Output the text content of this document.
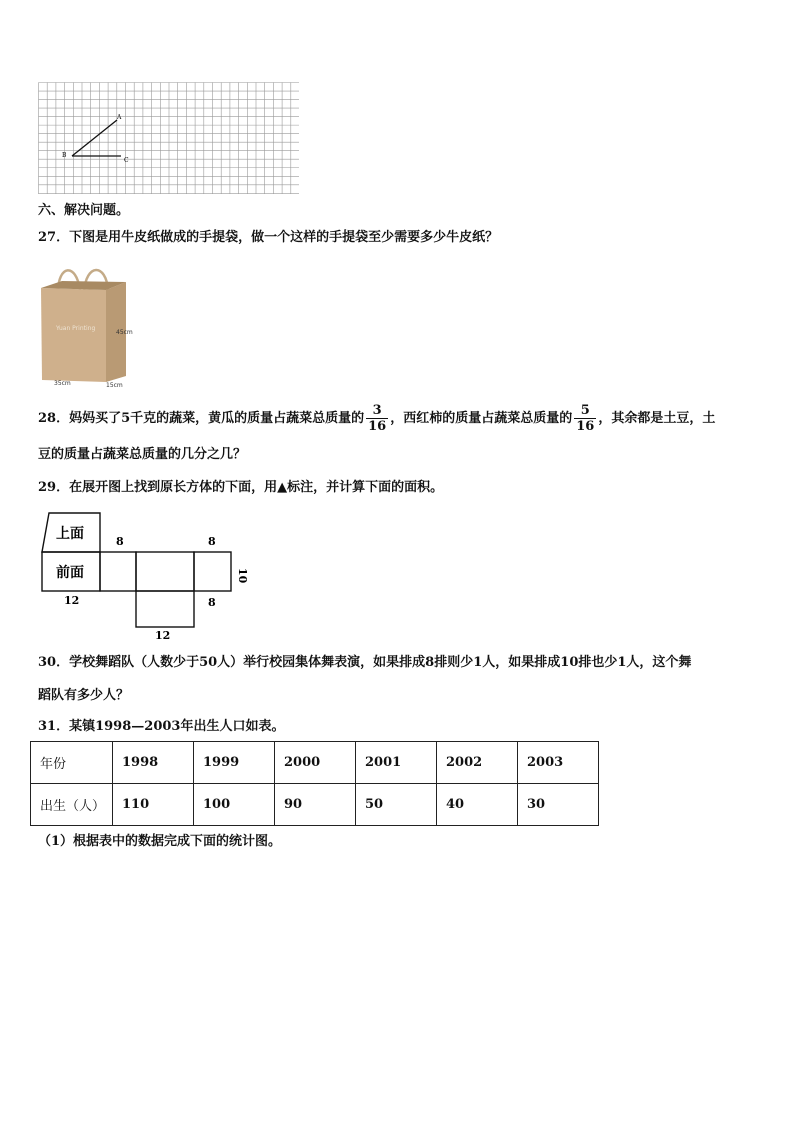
A
B
C
六、解决问题。
27．下图是用牛皮纸做成的手提袋，做一个这样的手提袋至少需要多少牛皮纸？
Yuan Printing
45cm
35cm	15cm
28．妈妈买了5千克的蔬菜，黄瓜的质量占蔬菜总质量的 $\frac{3}{16}$ ，西红柿的质量占蔬菜总质量的 $\frac{5}{16}$ ，其余都是土豆，土
豆的质量占蔬菜总质量的几分之几？
29．在展开图上找到原长方体的下面，用▲标注，并计算下面的面积。
上面
前面
8	8
10
12	8
12
30．学校舞蹈队（人数少于50人）举行校园集体舞表演，如果排成8排则少1人，如果排成10排也少1人，这个舞
蹈队有多少人？
31．某镇1998—2003年出生人口如表。
年份	1998	1999	2000	2001	2002	2003
出生（人）	110	100	90	50	40	30
（1）根据表中的数据完成下面的统计图。
